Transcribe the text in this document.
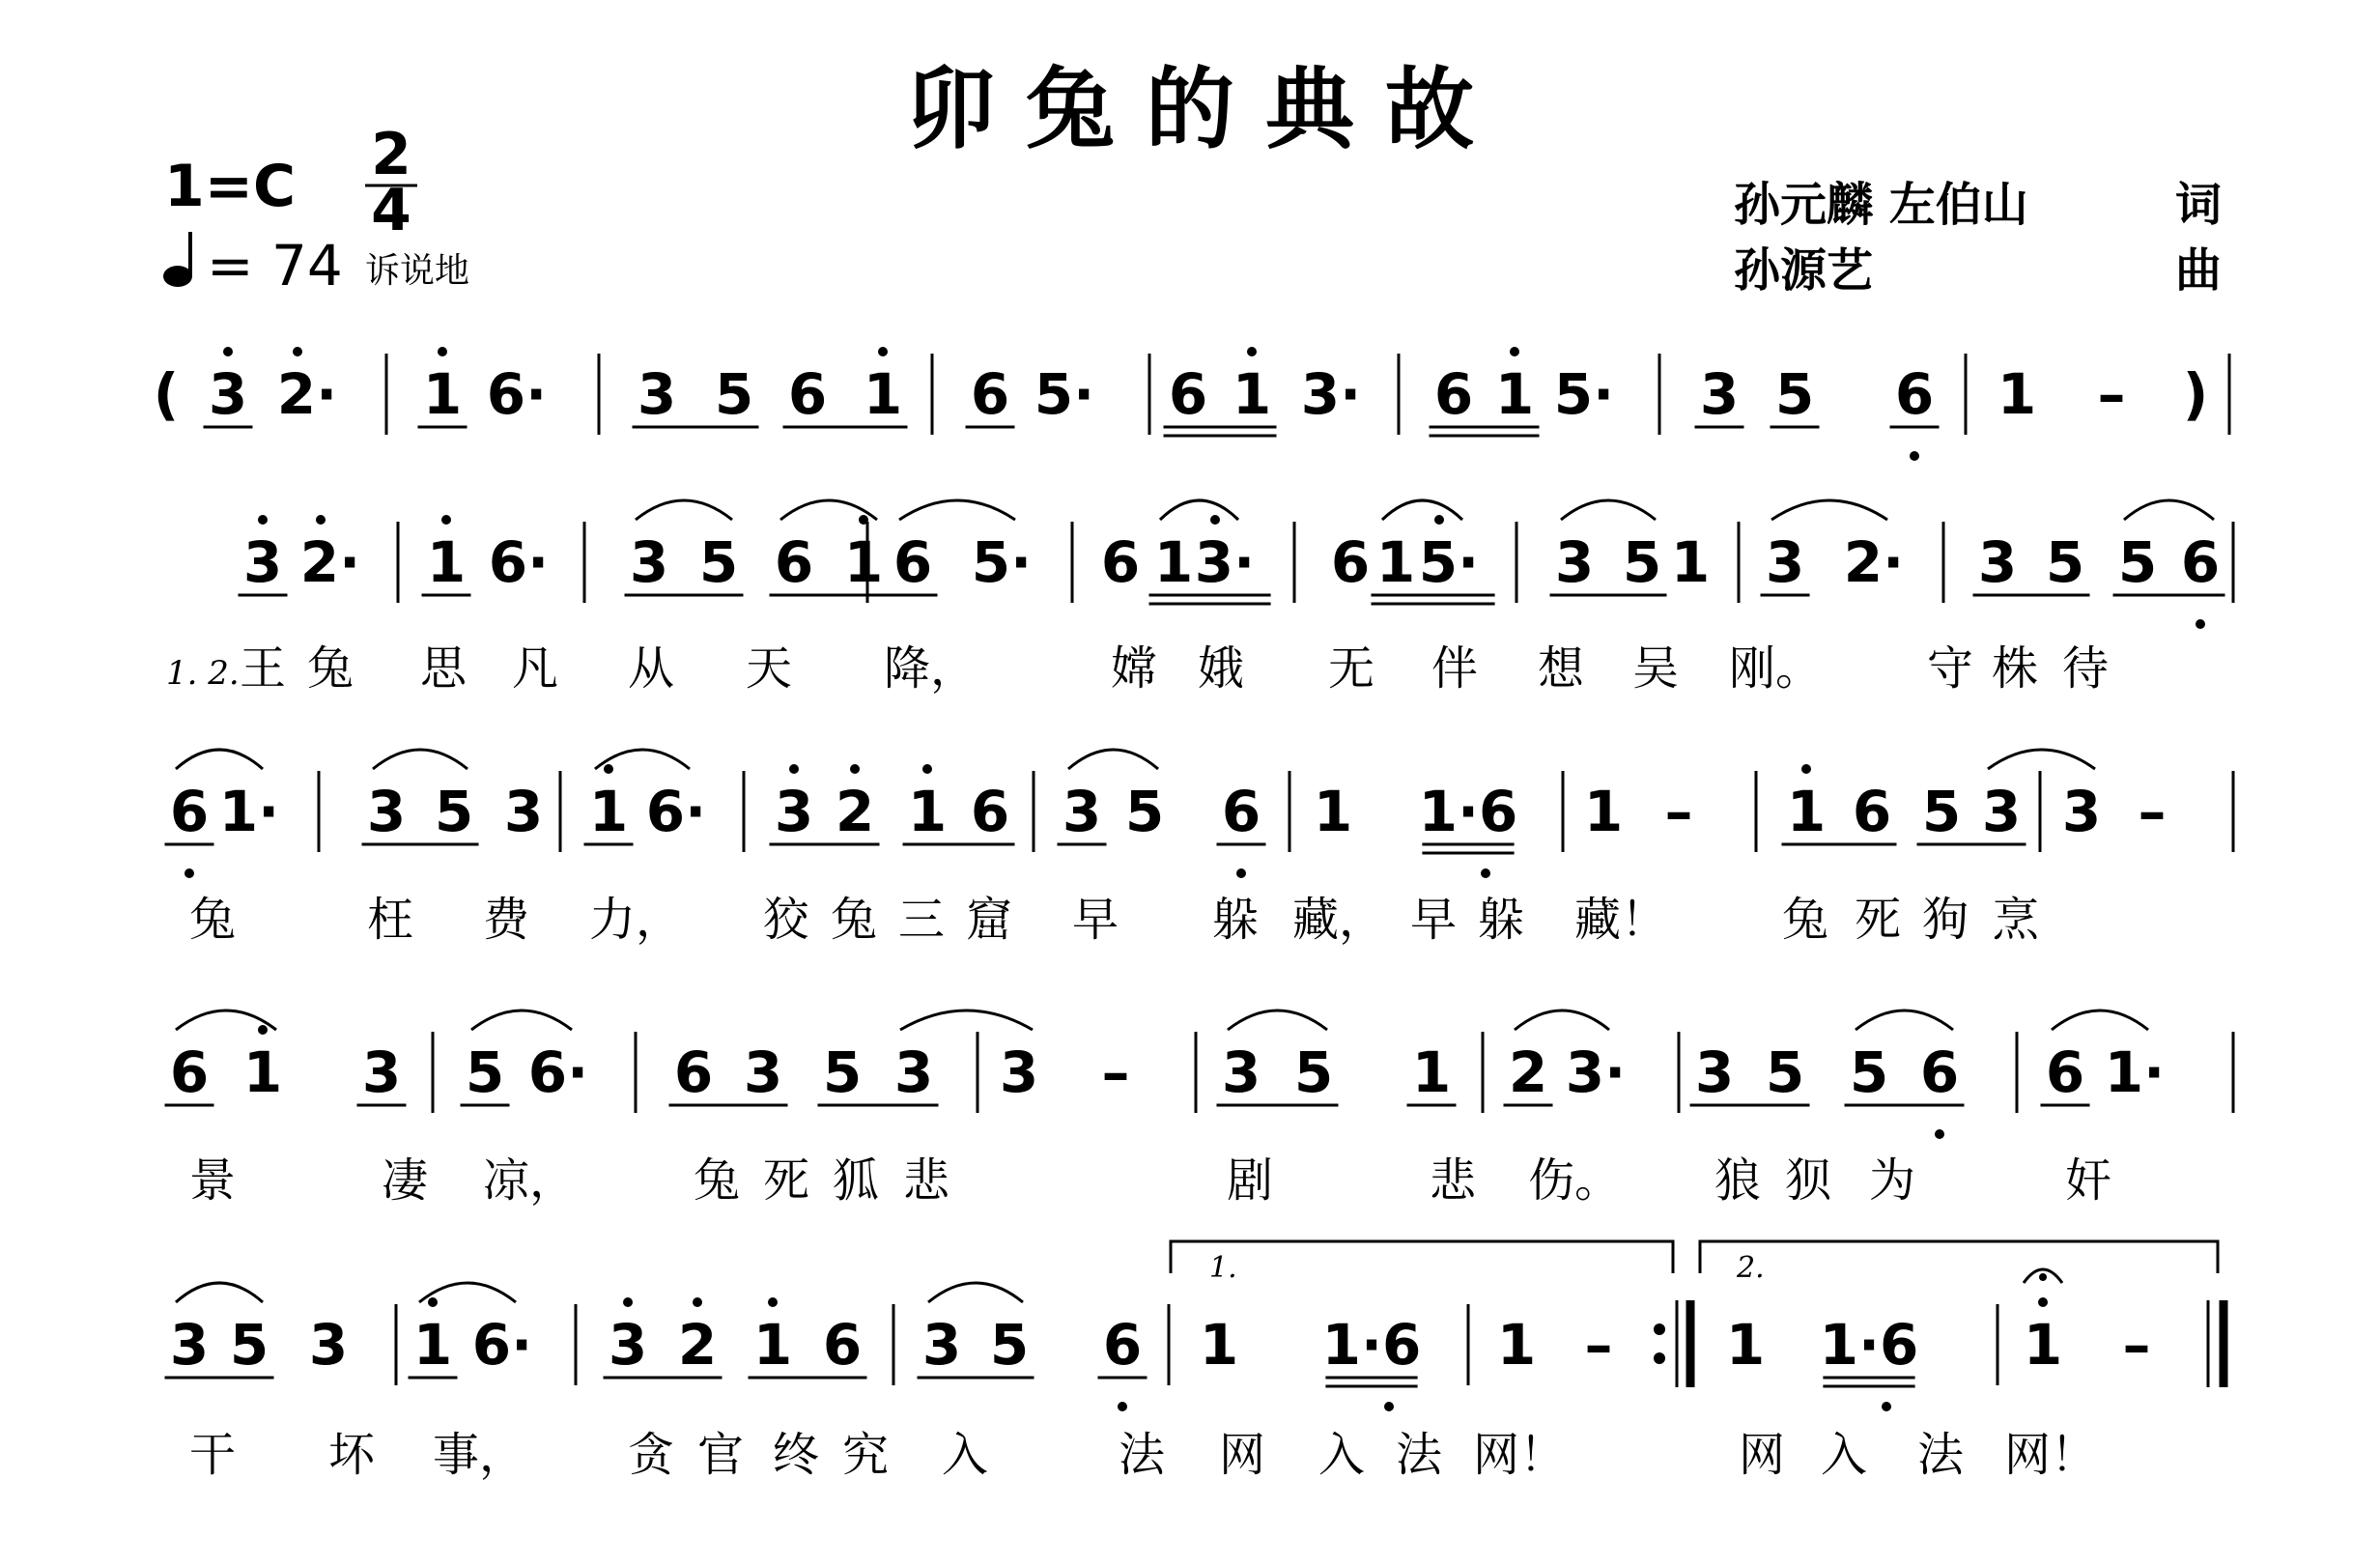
卯 兔 的 典 故
1=C 2
4
= 74 诉说地
孙元麟 左伯山	词
孙源艺	曲
( 3 2· 1 6· 3 5 6 1 6 5· 6 1 3· 6 1 5· 3 5 6 1 – )
3 2· 1 6· 3 5 6 1 6 5· 6 1 3· 6 1 5· 3 5 1 3 2· 3 5 5 6
王 兔 思 凡 从 天 降，	嫦 娥 无 伴 想 吴 刚。 守 株 待
6 1· 3 5 3 1 6· 3 2 1 6 3 5 6 1 1·6 1 – 1 6 5 3 3 –
兔	枉 费 力， 狡 兔 三 窟 早 躲 藏， 早 躲 藏！ 兔 死 狗 烹
6 1 3 5 6· 6 3 5 3 3 – 3 5 1 2 3· 3 5 5 6 6 1·
景	凄 凉，	兔 死 狐 悲	剧	悲 伤。 狼 狈 为	奸
3 5 3 1 6· 3 2 1 6 3 5 6 1 1·6 1 – 1 1·6 1 –
干 坏 事， 贪 官 终 究 入	法 网 入 法 网！	网 入 法 网！
1. 2.
1.	2.
